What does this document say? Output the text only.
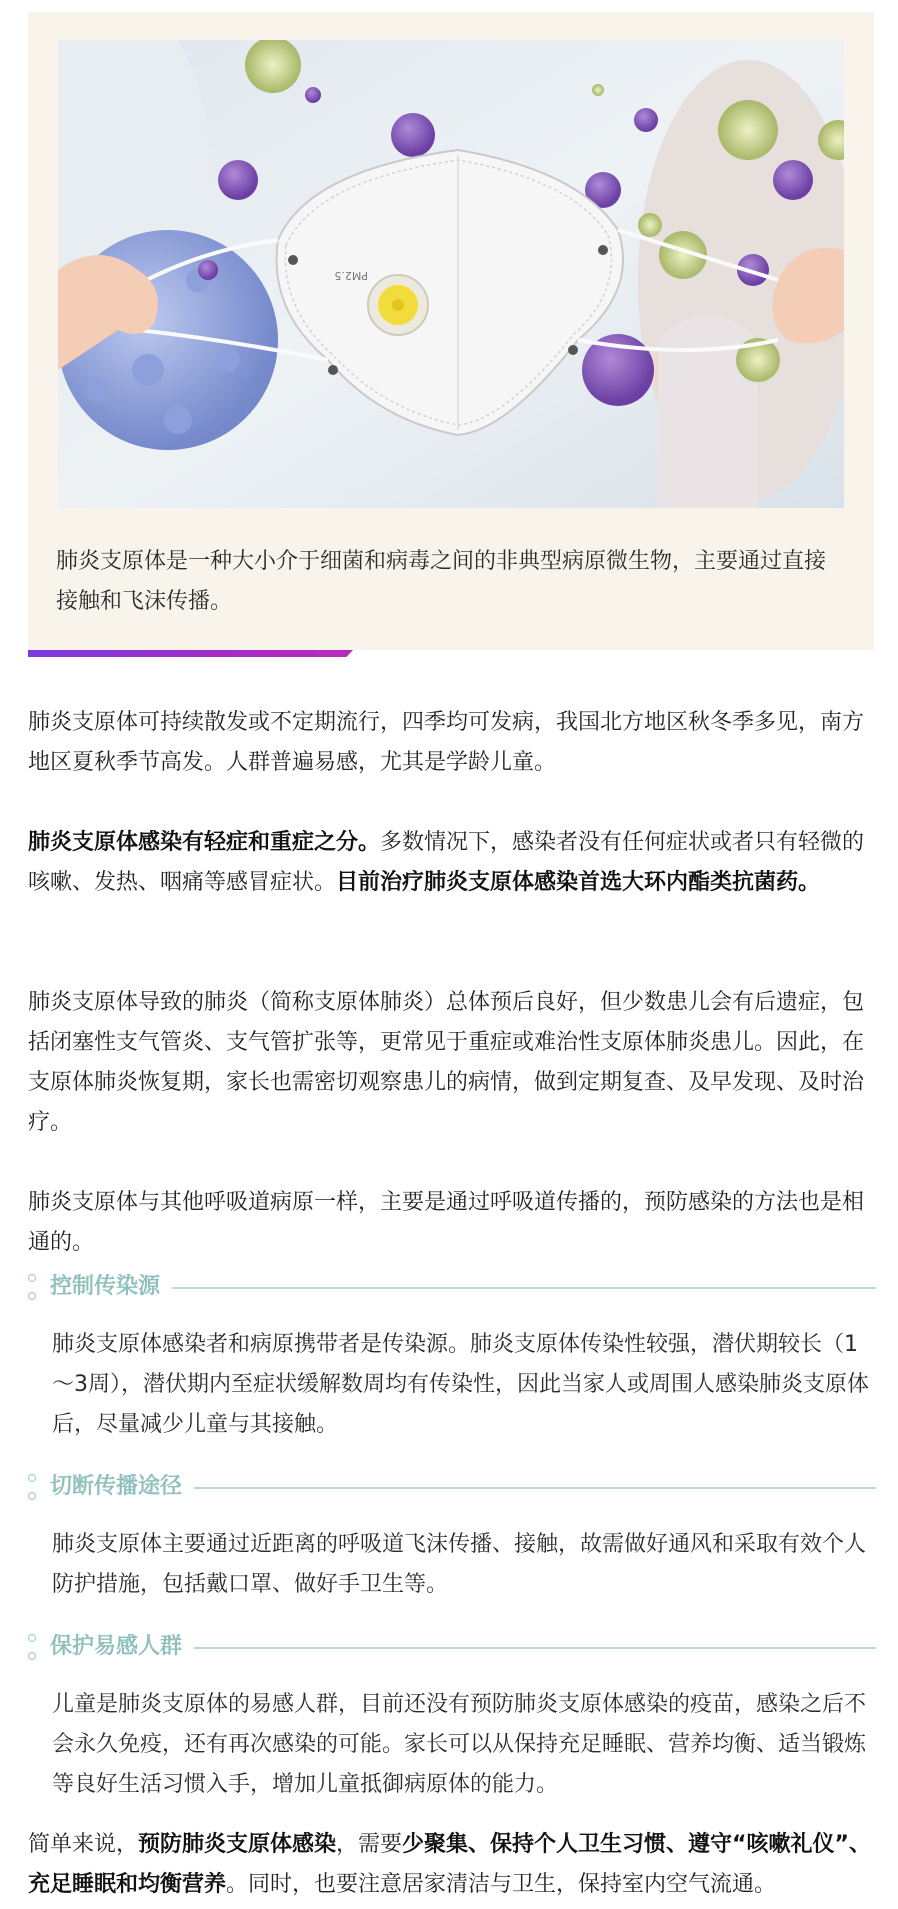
PM2.5

肺炎支原体是一种大小介于细菌和病毒之间的非典型病原微生物，主要通过直接接触和飞沫传播。

肺炎支原体可持续散发或不定期流行，四季均可发病，我国北方地区秋冬季多见，南方地区夏秋季节高发。人群普遍易感，尤其是学龄儿童。

肺炎支原体感染有轻症和重症之分。多数情况下，感染者没有任何症状或者只有轻微的咳嗽、发热、咽痛等感冒症状。目前治疗肺炎支原体感染首选大环内酯类抗菌药。

肺炎支原体导致的肺炎（简称支原体肺炎）总体预后良好，但少数患儿会有后遗症，包括闭塞性支气管炎、支气管扩张等，更常见于重症或难治性支原体肺炎患儿。因此，在支原体肺炎恢复期，家长也需密切观察患儿的病情，做到定期复查、及早发现、及时治疗。

肺炎支原体与其他呼吸道病原一样，主要是通过呼吸道传播的，预防感染的方法也是相通的。

控制传染源

肺炎支原体感染者和病原携带者是传染源。肺炎支原体传染性较强，潜伏期较长（1～3周），潜伏期内至症状缓解数周均有传染性，因此当家人或周围人感染肺炎支原体后，尽量减少儿童与其接触。

切断传播途径

肺炎支原体主要通过近距离的呼吸道飞沫传播、接触，故需做好通风和采取有效个人防护措施，包括戴口罩、做好手卫生等。

保护易感人群

儿童是肺炎支原体的易感人群，目前还没有预防肺炎支原体感染的疫苗，感染之后不会永久免疫，还有再次感染的可能。家长可以从保持充足睡眠、营养均衡、适当锻炼等良好生活习惯入手，增加儿童抵御病原体的能力。

简单来说，预防肺炎支原体感染，需要少聚集、保持个人卫生习惯、遵守“咳嗽礼仪”、充足睡眠和均衡营养。同时，也要注意居家清洁与卫生，保持室内空气流通。
